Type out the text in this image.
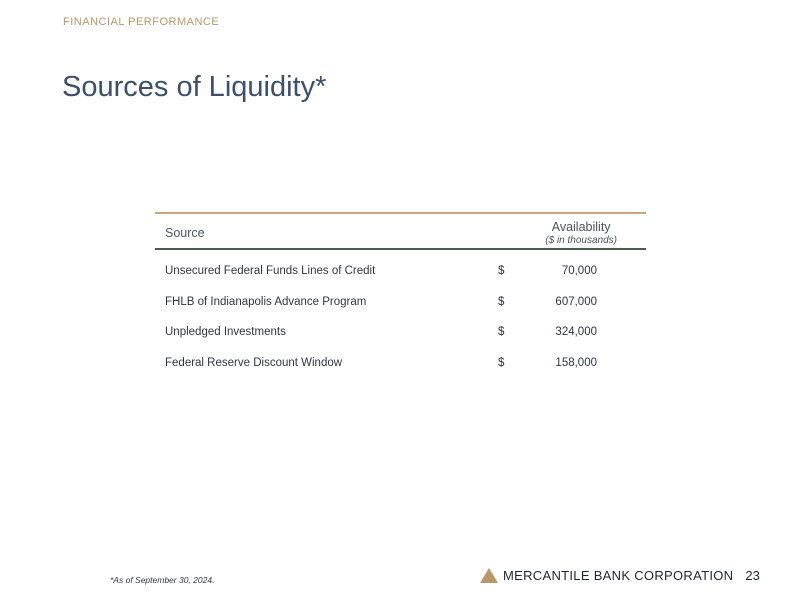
FINANCIAL PERFORMANCE
Sources of Liquidity*
Source	Availability
($ in thousands)
Unsecured Federal Funds Lines of Credit	$	70,000
FHLB of Indianapolis Advance Program	$	607,000
Unpledged Investments	$	324,000
Federal Reserve Discount Window	$	158,000
*As of September 30, 2024.	MERCANTILE BANK CORPORATION 23
